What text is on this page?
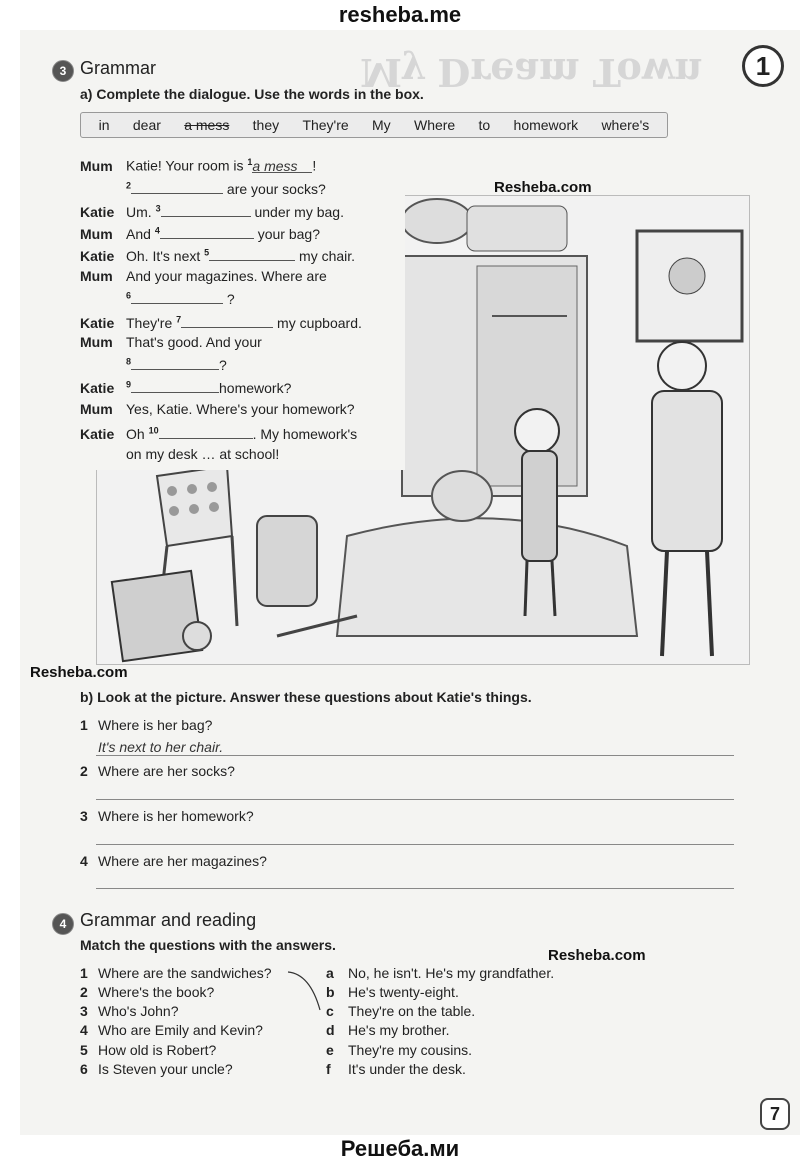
resheba.me
My Dream Town	1
3 Grammar
a) Complete the dialogue. Use the words in the box.
in dear a mess they They're My Where to homework where's
Mum Katie! Your room is $^1$a mess!
$^2$	are your socks?
Katie Um. $^3$	under my bag.
Mum And $^4$	your bag?
Katie Oh. It's next $^5$	my chair.
Mum And your magazines. Where are
$^6$	?
Katie They're $^7$	my cupboard.
Mum That's good. And your
$^8$	?
Katie $^9$	homework?
Mum Yes, Katie. Where's your homework?
Katie Oh $^{10}$	. My homework's
on my desk … at school!
Resheba.com
Resheba.com
b) Look at the picture. Answer these questions about Katie's things.
1 Where is her bag?
It's next to her chair.
2 Where are her socks?
3 Where is her homework?
4 Where are her magazines?
4 Grammar and reading
Match the questions with the answers.
Resheba.com
1 Where are the sandwiches?
2 Where's the book?
3 Who's John?
4 Who are Emily and Kevin?
5 How old is Robert?
6 Is Steven your uncle?
a No, he isn't. He's my grandfather.
b He's twenty-eight.
c They're on the table.
d He's my brother.
e They're my cousins.
f It's under the desk.
7
Решеба.ми
